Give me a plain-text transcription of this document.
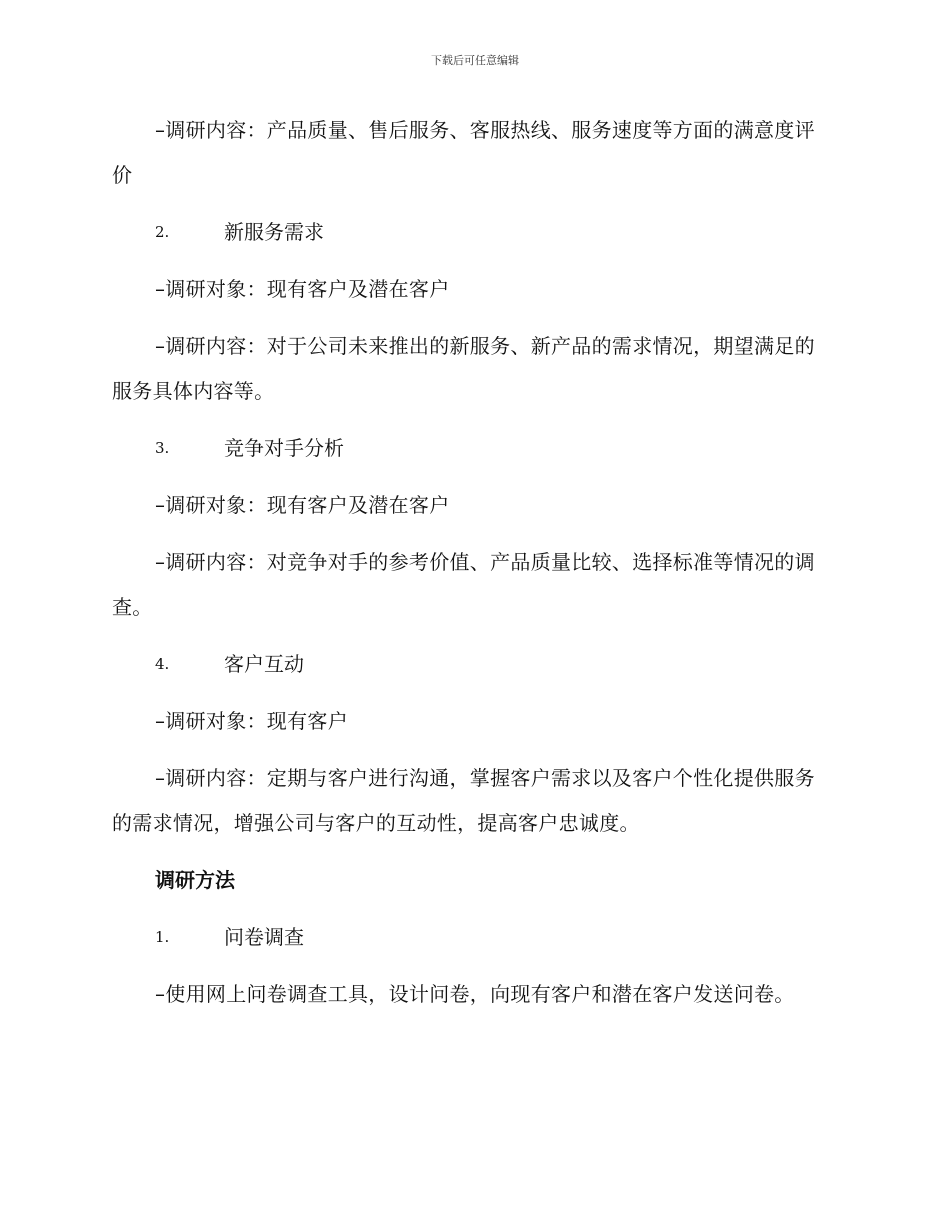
下载后可任意编辑

–调研内容：产品质量、售后服务、客服热线、服务速度等方面的满意度评价

2.	新服务需求

–调研对象：现有客户及潜在客户

–调研内容：对于公司未来推出的新服务、新产品的需求情况，期望满足的服务具体内容等。

3.	竞争对手分析

–调研对象：现有客户及潜在客户

–调研内容：对竞争对手的参考价值、产品质量比较、选择标准等情况的调查。

4.	客户互动

–调研对象：现有客户

–调研内容：定期与客户进行沟通，掌握客户需求以及客户个性化提供服务的需求情况，增强公司与客户的互动性，提高客户忠诚度。

调研方法
1.	问卷调查

–使用网上问卷调查工具，设计问卷，向现有客户和潜在客户发送问卷。
